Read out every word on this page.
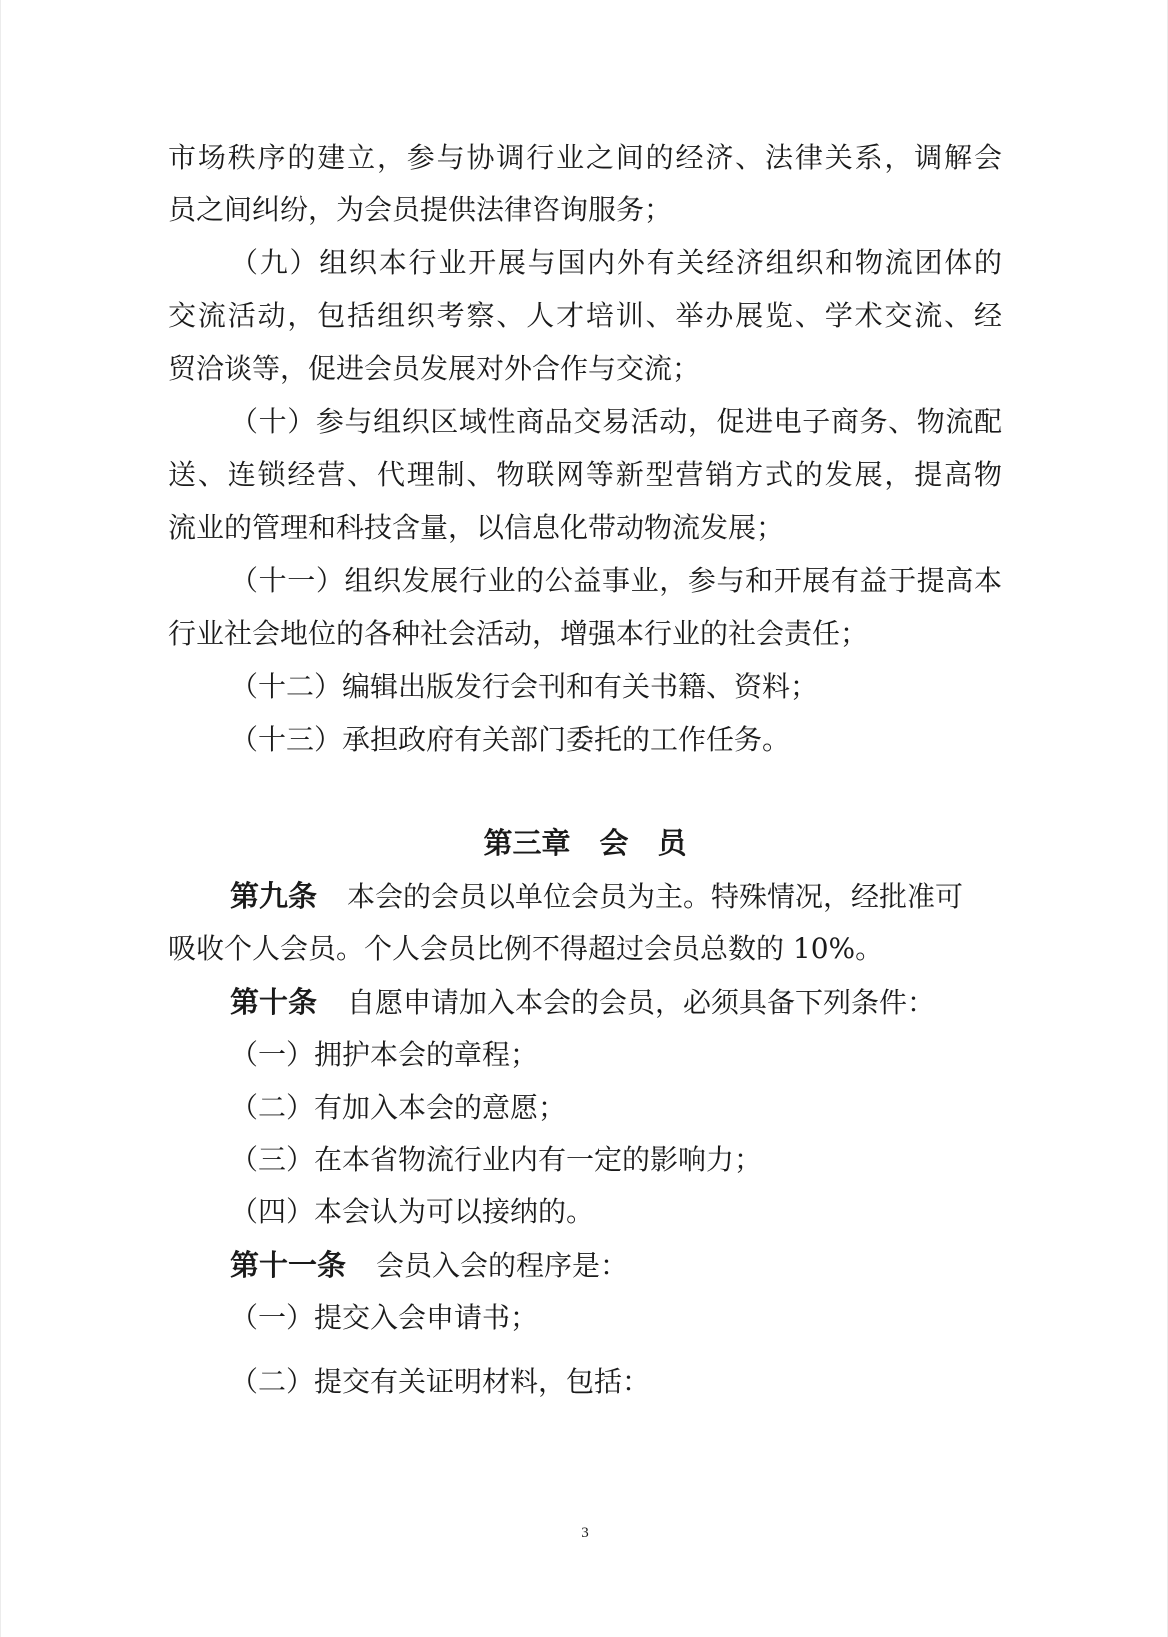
市场秩序的建立，参与协调行业之间的经济、法律关系，调解会
员之间纠纷，为会员提供法律咨询服务；
（九）组织本行业开展与国内外有关经济组织和物流团体的
交流活动，包括组织考察、人才培训、举办展览、学术交流、经
贸洽谈等，促进会员发展对外合作与交流；
（十）参与组织区域性商品交易活动，促进电子商务、物流配
送、连锁经营、代理制、物联网等新型营销方式的发展，提高物
流业的管理和科技含量，以信息化带动物流发展；
（十一）组织发展行业的公益事业，参与和开展有益于提高本
行业社会地位的各种社会活动，增强本行业的社会责任；
（十二）编辑出版发行会刊和有关书籍、资料；
（十三）承担政府有关部门委托的工作任务。
第三章　会　员
第九条 本会的会员以单位会员为主。特殊情况，经批准可
吸收个人会员。个人会员比例不得超过会员总数的 10%。
第十条 自愿申请加入本会的会员，必须具备下列条件：
（一）拥护本会的章程；
（二）有加入本会的意愿；
（三）在本省物流行业内有一定的影响力；
（四）本会认为可以接纳的。
第十一条 会员入会的程序是：
（一）提交入会申请书；
（二）提交有关证明材料，包括：
3
